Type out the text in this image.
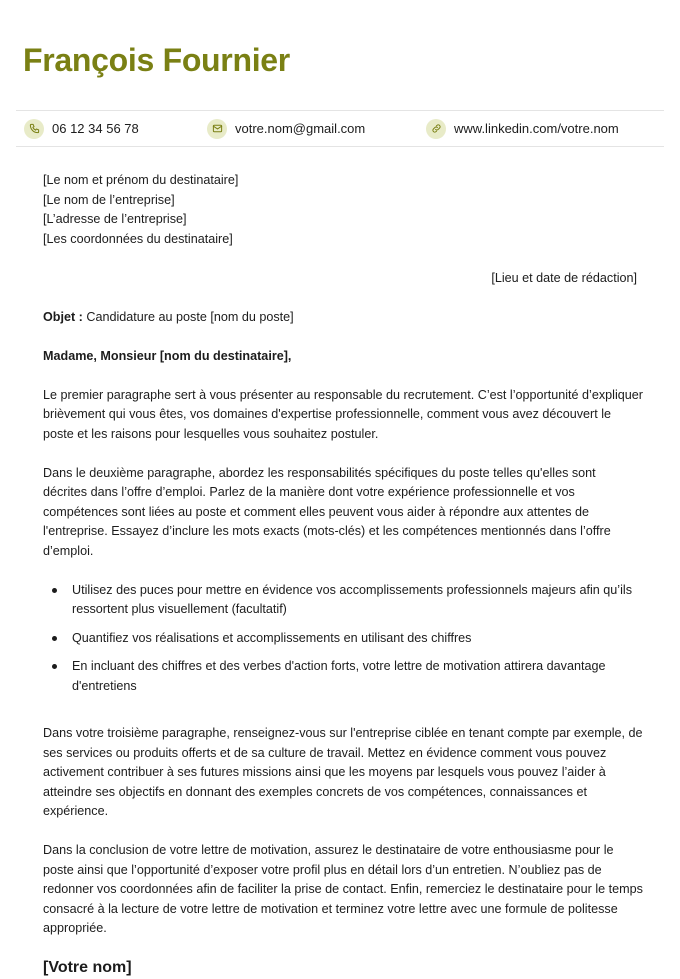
François Fournier
06 12 34 56 78	votre.nom@gmail.com	www.linkedin.com/votre.nom

[Le nom et prénom du destinataire]
[Le nom de l’entreprise]
[L’adresse de l’entreprise]
[Les coordonnées du destinataire]

[Lieu et date de rédaction]

Objet : Candidature au poste [nom du poste]

Madame, Monsieur [nom du destinataire],

Le premier paragraphe sert à vous présenter au responsable du recrutement. C’est l’opportunité d’expliquer brièvement qui vous êtes, vos domaines d'expertise professionnelle, comment vous avez découvert le poste et les raisons pour lesquelles vous souhaitez postuler.

Dans le deuxième paragraphe, abordez les responsabilités spécifiques du poste telles qu'elles sont décrites dans l’offre d’emploi. Parlez de la manière dont votre expérience professionnelle et vos compétences sont liées au poste et comment elles peuvent vous aider à répondre aux attentes de l'entreprise. Essayez d’inclure les mots exacts (mots-clés) et les compétences mentionnés dans l’offre d’emploi.

Utilisez des puces pour mettre en évidence vos accomplissements professionnels majeurs afin qu’ils ressortent plus visuellement (facultatif)
Quantifiez vos réalisations et accomplissements en utilisant des chiffres
En incluant des chiffres et des verbes d'action forts, votre lettre de motivation attirera davantage d'entretiens

Dans votre troisième paragraphe, renseignez-vous sur l'entreprise ciblée en tenant compte par exemple, de ses services ou produits offerts et de sa culture de travail. Mettez en évidence comment vous pouvez activement contribuer à ses futures missions ainsi que les moyens par lesquels vous pouvez l’aider à atteindre ses objectifs en donnant des exemples concrets de vos compétences, connaissances et expérience.

Dans la conclusion de votre lettre de motivation, assurez le destinataire de votre enthousiasme pour le poste ainsi que l’opportunité d’exposer votre profil plus en détail lors d’un entretien. N’oubliez pas de redonner vos coordonnées afin de faciliter la prise de contact. Enfin, remerciez le destinataire pour le temps consacré à la lecture de votre lettre de motivation et terminez votre lettre avec une formule de politesse appropriée.

[Votre nom]
